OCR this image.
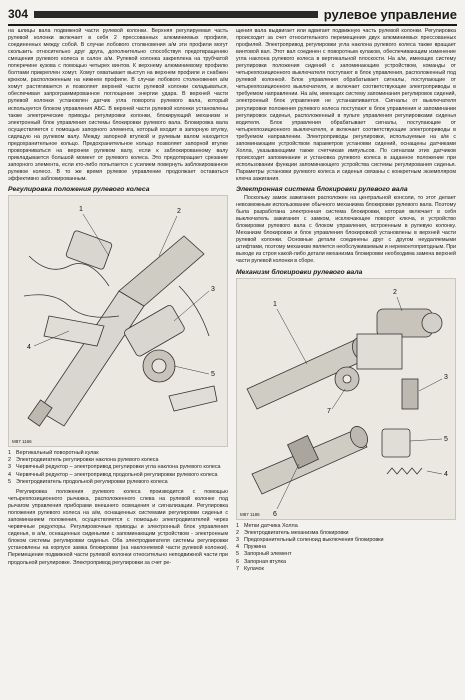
304	рулевое управление

на шлицы вала подвижной части рулевой колонки. Верхняя регулируемая часть рулевой колонки включает в себя 2 прессованных алюминиевых профиля, соединенных между собой. В случае лобового столкновения а/м эти профили могут скользить относительно друг друга, дополнительно способствуя предотвращению смещения рулевого колеса в салон а/м. Рулевой колонка закреплена на трубчатой поперечине кузова с помощью четырех винтов. К верхнему алюминиевому профилю болтами прикреплен хомут. Хомут охватывает выступ на верхнем профиле и снабжен крюком, расположенным на нижнем профиле. В случае лобового столкновения а/м хомут растягивается и позволяет верхней части рулевой колонки складываться, обеспечивая запрограммированное поглощение энергии удара. В верхней части рулевой колонки установлен датчик угла поворота рулевого вала, который используется блоком управления АБС. В верхней части рулевой колонки установлены также электрические приводы регулировки колонки, блокирующий механизм и электронный блок управления системы блокировки рулевого вала. Блокировка вала осуществляется с помощью запорного элемента, который входит в запорную втулку, сидящую на рулевом валу. Между запорной втулкой и рулевым валом находится предохранительное кольцо. Предохранительное кольцо позволяет запорной втулке проворачиваться на верхнем рулевом валу, если к заблокированному валу прикладывается большой момент от рулевого колеса. Это предотвращает срезание запорного элемента, если кто-либо попытается с усилием повернуть заблокированное рулевое колесо. В то же время рулевое управление продолжает оставаться эффективно заблокированным.

Регулировка положения рулевого колеса
1	2
3
4
5
M87 1166
1 Вертикальный поворотный кулак
2 Электродвигатель регулировки наклона рулевого колеса
3 Червячный редуктор – электропривод регулировки угла наклона рулевого колеса
4 Червячный редуктор – электропривод продольной регулировки рулевого колеса
5 Электродвигатель продольной регулировки рулевого колеса

Регулировка положения рулевого колеса производится с помощью четырехпозиционного рычажка, расположенного слева на рулевой колонке под рычагом управления приборами внешнего освещения и сигнализации. Регулировка положения рулевого колеса на а/м, оснащенных системами регулировки сиденья с запоминанием положения, осуществляется с помощью электродвигателей через червячные редукторы. Регулировочные приводы и электронный блок управления сиденья, в а/м, оснащенных сиденьями с запоминающим устройством - электронным блоком системы регулировки сиденья. Оба электродвигателя системы регулировки установлены на корпусе замка блокировки (на наклоняемой части рулевой колонки). Перемещение подвижной части рулевой колонки относительно неподвижной части при продольной регулировке. Электропривод регулировки за счет ре-

щения вала выдвигает или вдвигает подвижную часть рулевой колонки. Регулировка происходит за счет относительного перемещения двух алюминиевых прессованных профилей. Электропривод регулировки угла наклона рулевого колеса также вращает винтовой вал. Этот вал соединен с поворотным кулаком, обеспечивающим изменение угла наклона рулевого колеса в вертикальной плоскости. На а/м, имеющих систему регулировки положения сидений с запоминающим устройством, команды от четырехпозиционного выключателя поступают в блок управления, расположенный под рулевой колонкой. Блок управления обрабатывает сигналы, поступающие от четырехпозиционного выключателя, и включает соответствующие электроприводы в требуемом направлении. На а/м, имеющих систему запоминания регулировок сидений, электронный блок управления не устанавливается. Сигналы от выключателя регулировки положения рулевого колеса поступают в блок управления и запоминании регулировок сиденья, расположенный в пульте управления регулировками сиденья водителя. Блок управления обрабатывает сигналы, поступающие от четырехпозиционного выключателя, и включает соответствующие электроприводы в требуемом направлении. Электроприводы регулировки, используемые на а/м с запоминающим устройством параметров установки сидений, оснащены датчиками Холла, указывающими также счетчикам импульсов. По сигналам этих датчиков происходит запоминание и установка рулевого колеса в заданное положение при использовании функции запоминающего устройства системы регулирования сиденья. Параметры установки рулевого колеса и сиденья связаны с конкретным экземпляром ключа зажигания.

Электронная система блокировки рулевого вала

Поскольку замок зажигания расположен на центральной консоли, то этот делает невозможным использование обычного механизма блокировки рулевого вала. Поэтому была разработана электронная система блокировки, которая включает в себя выключатель зажигания с замком, исключающее поворот ключа, и устройство блокировки рулевого вала с блоком управления, встроенным в рулевую колонку. Механизм блокировки и блок управления блокировкой установлены в верхней части рулевой колонки. Основные детали соединены друг с другом неудаляемыми штифтами, поэтому механизм является необслуживаемым и неремонтопригодным. При выходе из строя какой-либо детали механизма блокировки необходима замена верхней части рулевой колонки в сборе.

Механизм блокировки рулевого вала
1
2
3
4
5
6
7
M87 1186
1 Метки датчика Холла
2 Электродвигатель механизма блокировки
3 Предохранительный соленоид выключения блокировки
4 Пружина
5 Запорный элемент
6 Запорная втулка
7 Кулачок
